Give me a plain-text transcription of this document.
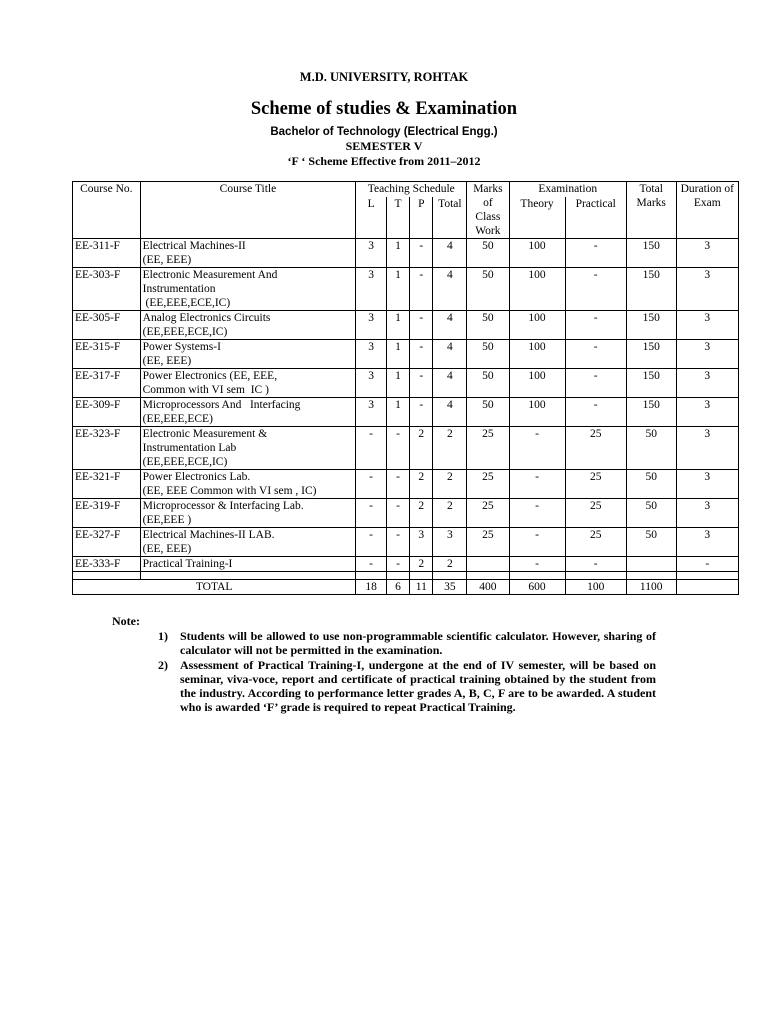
M.D. UNIVERSITY, ROHTAK
Scheme of studies & Examination
Bachelor of Technology (Electrical Engg.)
SEMESTER V
‘F ‘ Scheme Effective from 2011–2012
Course No.	Course Title	Teaching Schedule				Marks of Class Work	Examination		Total Marks	Duration of Exam
		L	T	P	Total		Theory	Practical		
EE-311-F	Electrical Machines-II
(EE, EEE)	3	1	-	4	50	100	-	150	3
EE-303-F	Electronic Measurement And
Instrumentation
(EE,EEE,ECE,IC)	3	1	-	4	50	100	-	150	3
EE-305-F	Analog Electronics Circuits
(EE,EEE,ECE,IC)	3	1	-	4	50	100	-	150	3
EE-315-F	Power Systems-I
(EE, EEE)	3	1	-	4	50	100	-	150	3
EE-317-F	Power Electronics (EE, EEE,
Common with VI sem  IC )	3	1	-	4	50	100	-	150	3
EE-309-F	Microprocessors And   Interfacing
(EE,EEE,ECE)	3	1	-	4	50	100	-	150	3
EE-323-F	Electronic Measurement &
Instrumentation Lab
(EE,EEE,ECE,IC)	-	-	2	2	25	-	25	50	3
EE-321-F	Power Electronics Lab.
(EE, EEE Common with VI sem , IC)	-	-	2	2	25	-	25	50	3
EE-319-F	Microprocessor & Interfacing Lab.
(EE,EEE )	-	-	2	2	25	-	25	50	3
EE-327-F	Electrical Machines-II LAB.
(EE, EEE)	-	-	3	3	25	-	25	50	3
EE-333-F	Practical Training-I	-	-	2	2		-	-		-

TOTAL		18	6	11	35	400	600	100	1100	
Note:
1)	Students will be allowed to use non-programmable scientific calculator. However, sharing of calculator will not be permitted in the examination.
2)	Assessment of Practical Training-I, undergone at the end of IV semester, will be based on seminar, viva-voce, report and certificate of practical training obtained by the student from the industry. According to performance letter grades A, B, C, F are to be awarded. A student who is awarded ‘F’ grade is required to repeat Practical Training.
